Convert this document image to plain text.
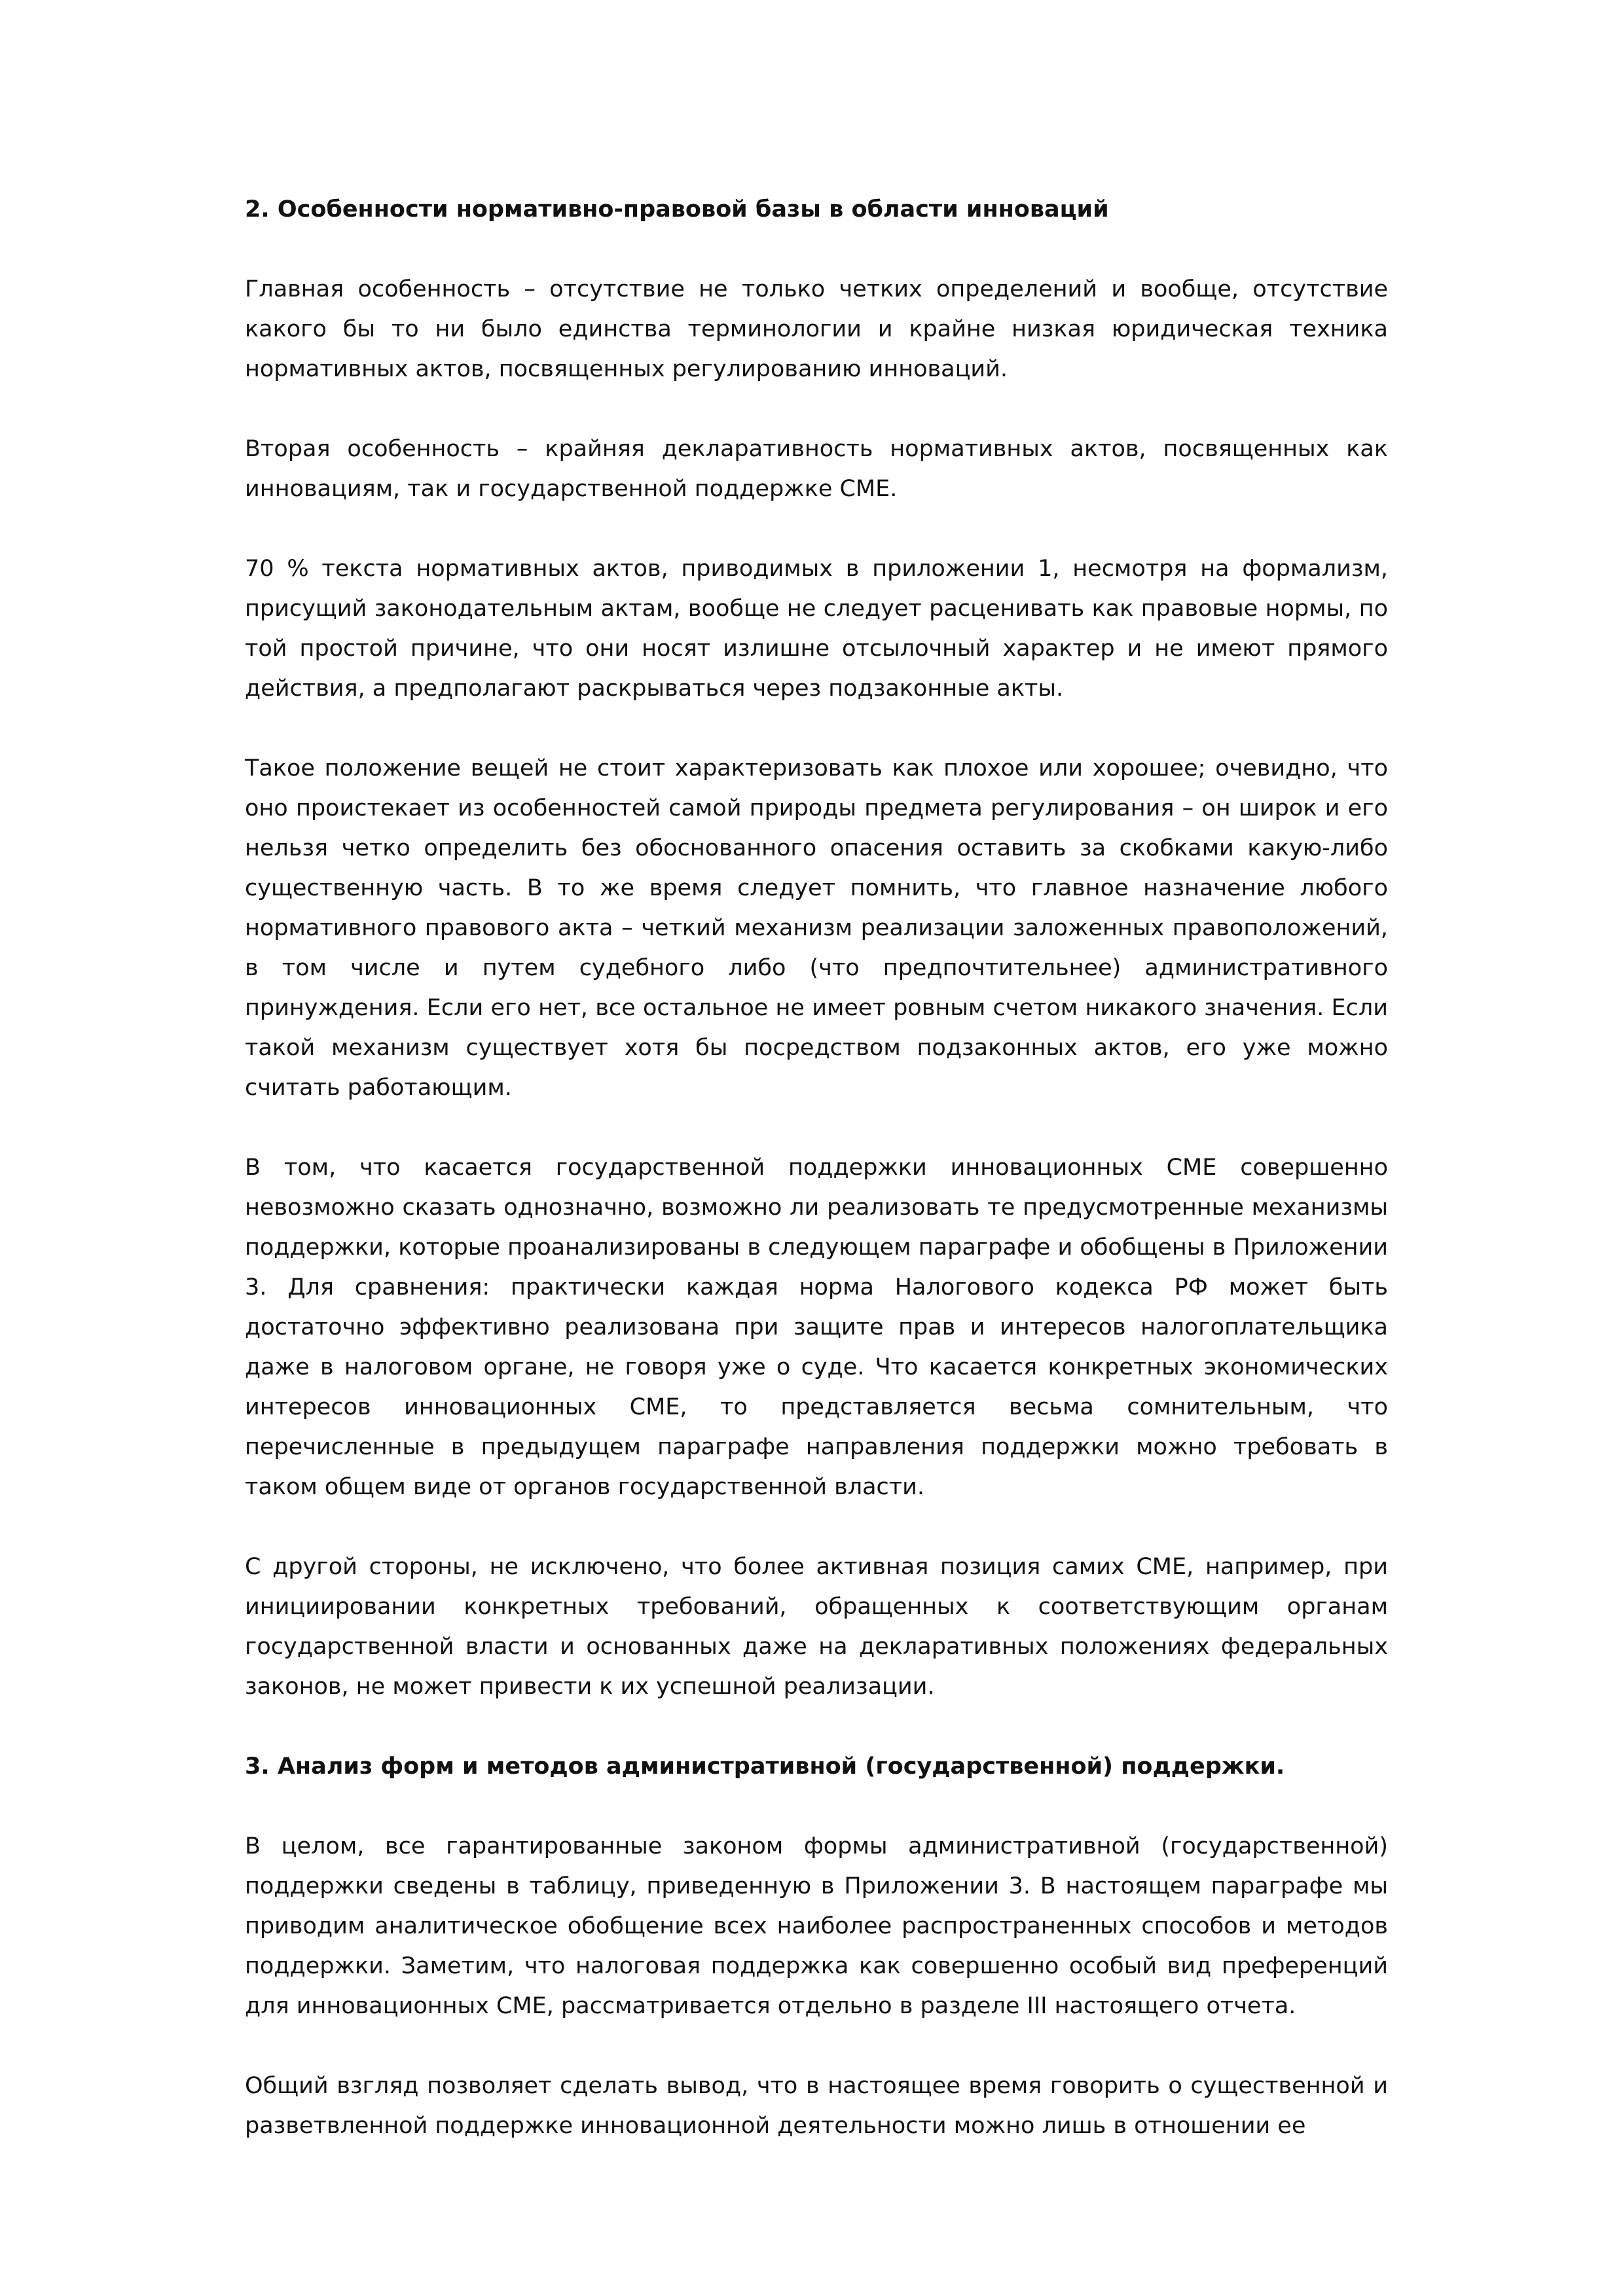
2. Особенности нормативно-правовой базы в области инноваций
Главная особенность – отсутствие не только четких определений и вообще, отсутствие какого бы то ни было единства терминологии и крайне низкая юридическая техника нормативных актов, посвященных регулированию инноваций.
Вторая особенность – крайняя декларативность нормативных актов, посвященных как инновациям, так и государственной поддержке СМЕ.
70 % текста нормативных актов, приводимых в приложении 1, несмотря на формализм, присущий законодательным актам, вообще не следует расценивать как правовые нормы, по той простой причине, что они носят излишне отсылочный характер и не имеют прямого действия, а предполагают раскрываться через подзаконные акты.
Такое положение вещей не стоит характеризовать как плохое или хорошее; очевидно, что оно проистекает из особенностей самой природы предмета регулирования – он широк и его нельзя четко определить без обоснованного опасения оставить за скобками какую-либо существенную часть. В то же время следует помнить, что главное назначение любого нормативного правового акта – четкий механизм реализации заложенных правоположений, в том числе и путем судебного либо (что предпочтительнее) административного принуждения. Если его нет, все остальное не имеет ровным счетом никакого значения. Если такой механизм существует хотя бы посредством подзаконных актов, его уже можно считать работающим.
В том, что касается государственной поддержки инновационных СМЕ совершенно невозможно сказать однозначно, возможно ли реализовать те предусмотренные механизмы поддержки, которые проанализированы в следующем параграфе и обобщены в Приложении 3. Для сравнения: практически каждая норма Налогового кодекса РФ может быть достаточно эффективно реализована при защите прав и интересов налогоплательщика даже в налоговом органе, не говоря уже о суде. Что касается конкретных экономических интересов инновационных СМЕ, то представляется весьма сомнительным, что перечисленные в предыдущем параграфе направления поддержки можно требовать в таком общем виде от органов государственной власти.
С другой стороны, не исключено, что более активная позиция самих СМЕ, например, при инициировании конкретных требований, обращенных к соответствующим органам государственной власти и основанных даже на декларативных положениях федеральных законов, не может привести к их успешной реализации.
3. Анализ форм и методов административной (государственной) поддержки.
В целом, все гарантированные законом формы административной (государственной) поддержки сведены в таблицу, приведенную в Приложении 3. В настоящем параграфе мы приводим аналитическое обобщение всех наиболее распространенных способов и методов поддержки. Заметим, что налоговая поддержка как совершенно особый вид преференций для инновационных СМЕ, рассматривается отдельно в разделе III настоящего отчета.
Общий взгляд позволяет сделать вывод, что в настоящее время говорить о существенной и разветвленной поддержке инновационной деятельности можно лишь в отношении ее
